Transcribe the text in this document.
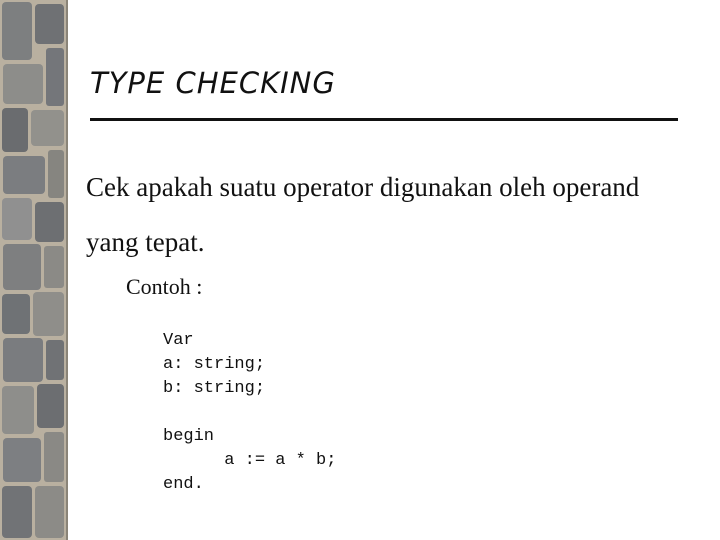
TYPE CHECKING

Cek apakah suatu operator digunakan oleh operand yang tepat.

Contoh :
Var
a: string;
b: string;

begin
a := a * b;
end.
